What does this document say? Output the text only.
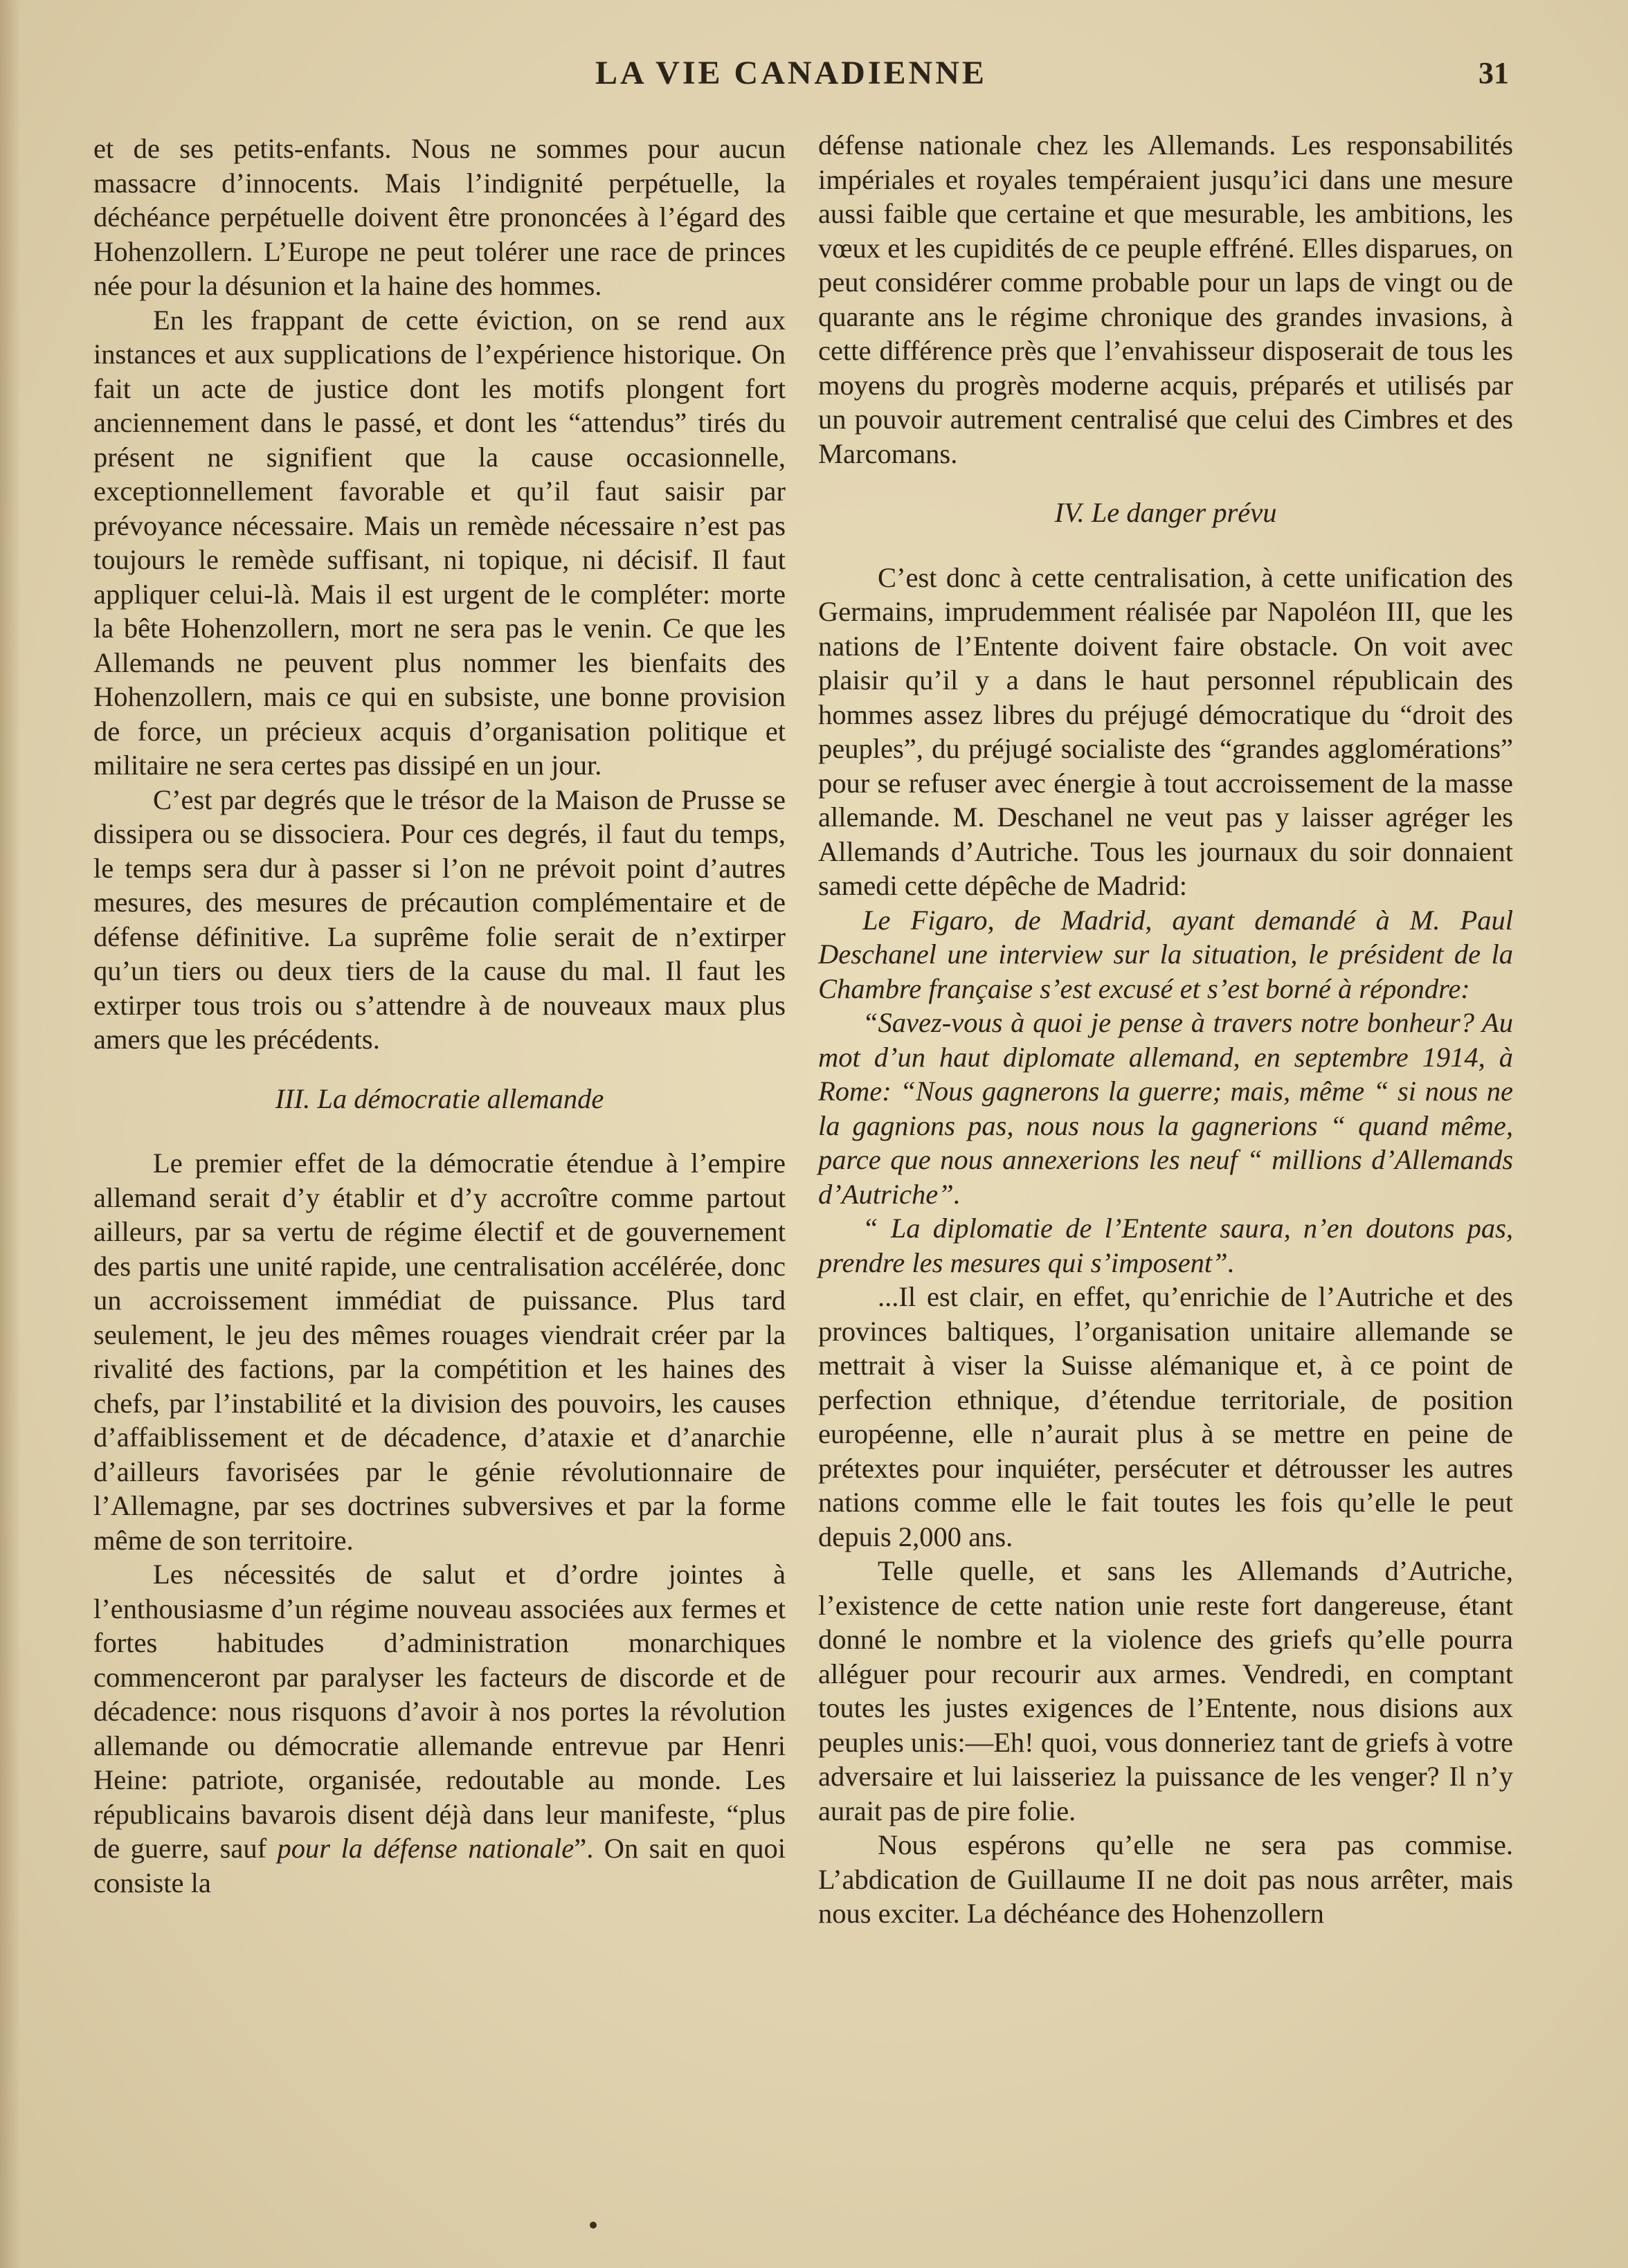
LA VIE CANADIENNE	31

et de ses petits-enfants. Nous ne sommes pour aucun massacre d’innocents. Mais l’indignité perpétuelle, la déchéance perpétuelle doivent être prononcées à l’égard des Hohenzollern. L’Europe ne peut tolérer une race de princes née pour la désunion et la haine des hommes.

En les frappant de cette éviction, on se rend aux instances et aux supplications de l’expérience historique. On fait un acte de justice dont les motifs plongent fort anciennement dans le passé, et dont les “attendus” tirés du présent ne signifient que la cause occasionnelle, exceptionnellement favorable et qu’il faut saisir par prévoyance nécessaire. Mais un remède nécessaire n’est pas toujours le remède suffisant, ni topique, ni décisif. Il faut appliquer celui-là. Mais il est urgent de le compléter: morte la bête Hohenzollern, mort ne sera pas le venin. Ce que les Allemands ne peuvent plus nommer les bienfaits des Hohenzollern, mais ce qui en subsiste, une bonne provision de force, un précieux acquis d’organisation politique et militaire ne sera certes pas dissipé en un jour.

C’est par degrés que le trésor de la Maison de Prusse se dissipera ou se dissociera. Pour ces degrés, il faut du temps, le temps sera dur à passer si l’on ne prévoit point d’autres mesures, des mesures de précaution complémentaire et de défense définitive. La suprême folie serait de n’extirper qu’un tiers ou deux tiers de la cause du mal. Il faut les extirper tous trois ou s’attendre à de nouveaux maux plus amers que les précédents.

III. La démocratie allemande

Le premier effet de la démocratie étendue à l’empire allemand serait d’y établir et d’y accroître comme partout ailleurs, par sa vertu de régime électif et de gouvernement des partis une unité rapide, une centralisation accélérée, donc un accroissement immédiat de puissance. Plus tard seulement, le jeu des mêmes rouages viendrait créer par la rivalité des factions, par la compétition et les haines des chefs, par l’instabilité et la division des pouvoirs, les causes d’affaiblissement et de décadence, d’ataxie et d’anarchie d’ailleurs favorisées par le génie révolutionnaire de l’Allemagne, par ses doctrines subversives et par la forme même de son territoire.

Les nécessités de salut et d’ordre jointes à l’enthousiasme d’un régime nouveau associées aux fermes et fortes habitudes d’administration monarchiques commenceront par paralyser les facteurs de discorde et de décadence: nous risquons d’avoir à nos portes la révolution allemande ou démocratie allemande entrevue par Henri Heine: patriote, organisée, redoutable au monde. Les républicains bavarois disent déjà dans leur manifeste, “plus de guerre, sauf pour la défense nationale”. On sait en quoi consiste la

défense nationale chez les Allemands. Les responsabilités impériales et royales tempéraient jusqu’ici dans une mesure aussi faible que certaine et que mesurable, les ambitions, les vœux et les cupidités de ce peuple effréné. Elles disparues, on peut considérer comme probable pour un laps de vingt ou de quarante ans le régime chronique des grandes invasions, à cette différence près que l’envahisseur disposerait de tous les moyens du progrès moderne acquis, préparés et utilisés par un pouvoir autrement centralisé que celui des Cimbres et des Marcomans.

IV. Le danger prévu

C’est donc à cette centralisation, à cette unification des Germains, imprudemment réalisée par Napoléon III, que les nations de l’Entente doivent faire obstacle. On voit avec plaisir qu’il y a dans le haut personnel républicain des hommes assez libres du préjugé démocratique du “droit des peuples”, du préjugé socialiste des “grandes agglomérations” pour se refuser avec énergie à tout accroissement de la masse allemande. M. Deschanel ne veut pas y laisser agréger les Allemands d’Autriche. Tous les journaux du soir donnaient samedi cette dépêche de Madrid:

Le Figaro, de Madrid, ayant demandé à M. Paul Deschanel une interview sur la situation, le président de la Chambre française s’est excusé et s’est borné à répondre:

“Savez-vous à quoi je pense à travers notre bonheur? Au mot d’un haut diplomate allemand, en septembre 1914, à Rome: “Nous gagnerons la guerre; mais, même “ si nous ne la gagnions pas, nous nous la gagnerions “ quand même, parce que nous annexerions les neuf “ millions d’Allemands d’Autriche”.

“ La diplomatie de l’Entente saura, n’en doutons pas, prendre les mesures qui s’imposent”.

...Il est clair, en effet, qu’enrichie de l’Autriche et des provinces baltiques, l’organisation unitaire allemande se mettrait à viser la Suisse alémanique et, à ce point de perfection ethnique, d’étendue territoriale, de position européenne, elle n’aurait plus à se mettre en peine de prétextes pour inquiéter, persécuter et détrousser les autres nations comme elle le fait toutes les fois qu’elle le peut depuis 2,000 ans.

Telle quelle, et sans les Allemands d’Autriche, l’existence de cette nation unie reste fort dangereuse, étant donné le nombre et la violence des griefs qu’elle pourra alléguer pour recourir aux armes. Vendredi, en comptant toutes les justes exigences de l’Entente, nous disions aux peuples unis:—Eh! quoi, vous donneriez tant de griefs à votre adversaire et lui laisseriez la puissance de les venger? Il n’y aurait pas de pire folie.

Nous espérons qu’elle ne sera pas commise. L’abdication de Guillaume II ne doit pas nous arrêter, mais nous exciter. La déchéance des Hohenzollern
